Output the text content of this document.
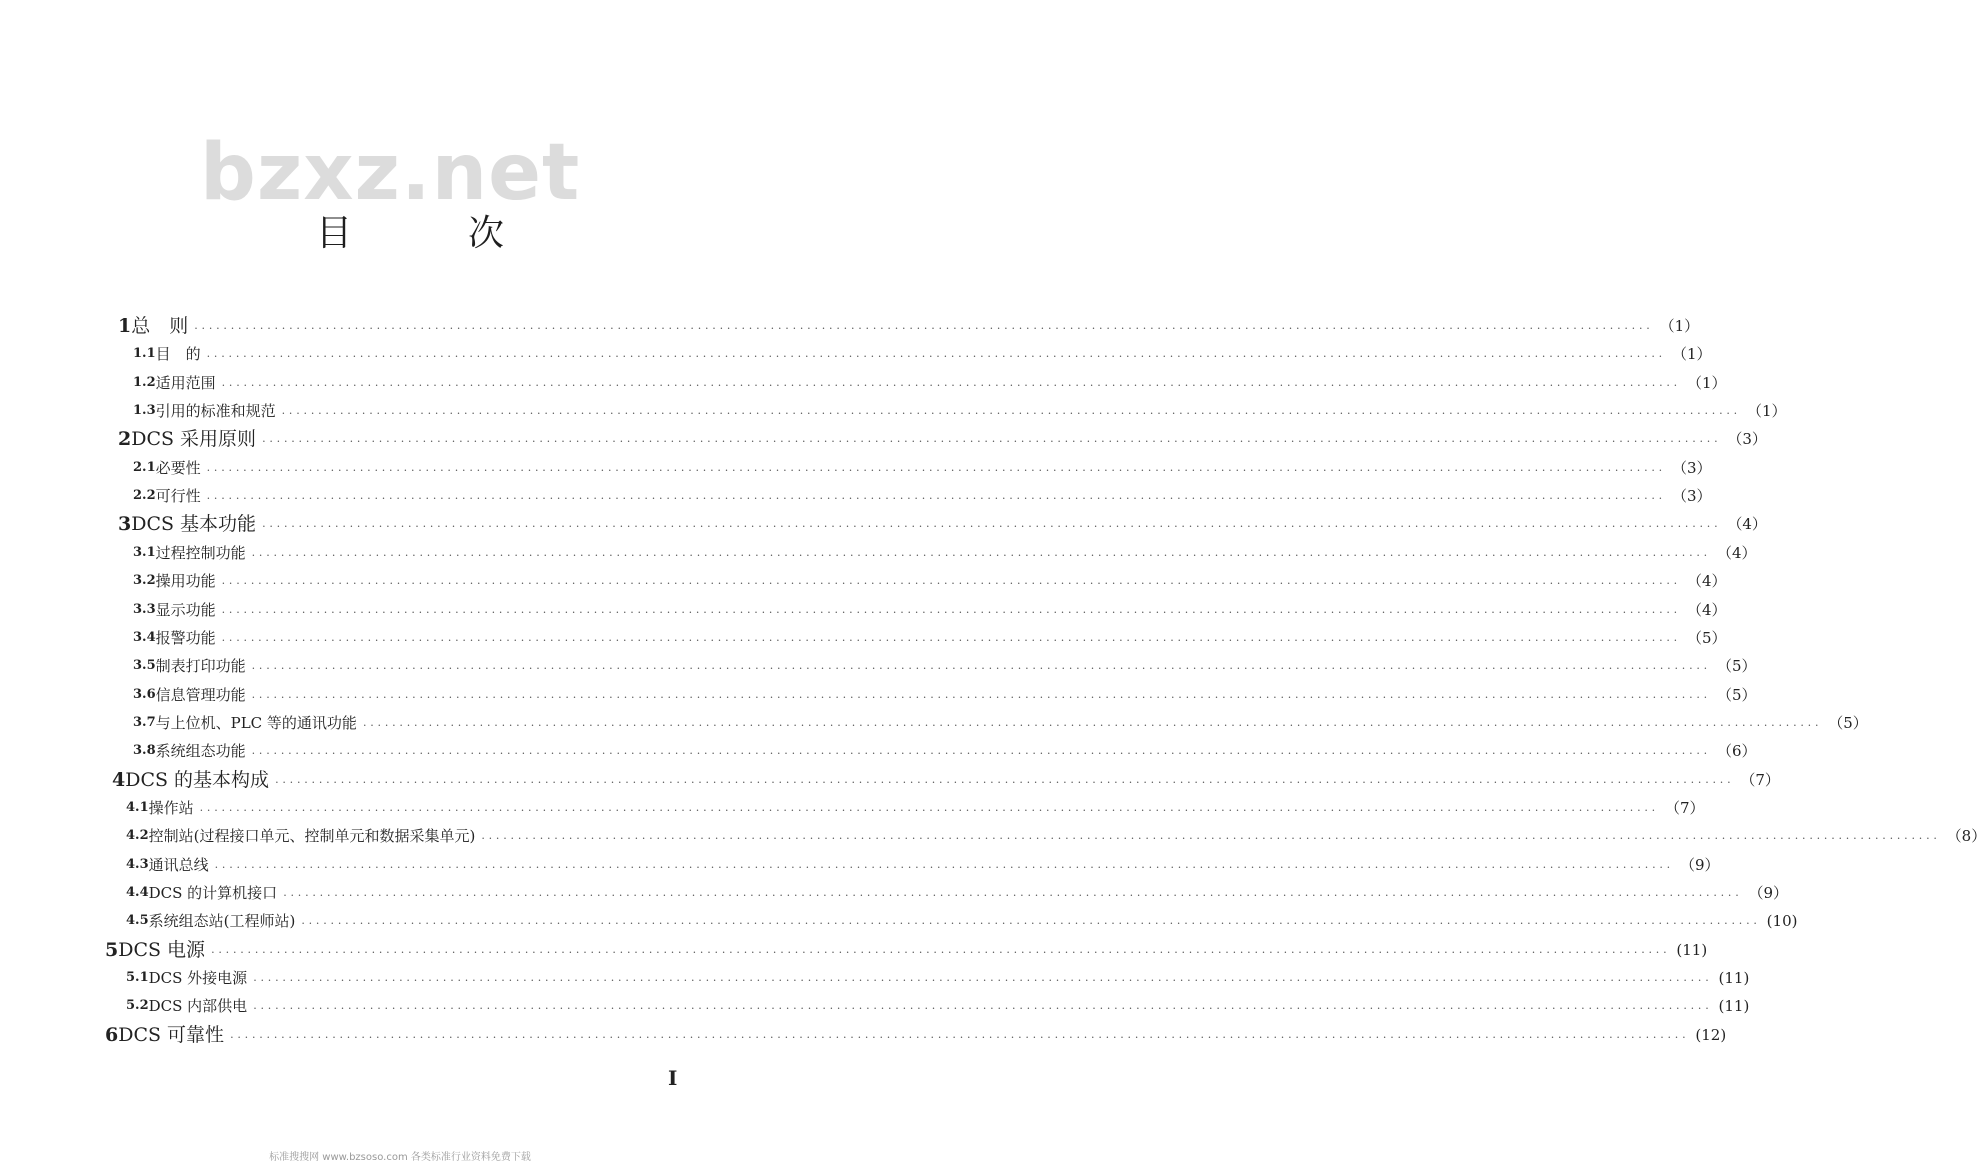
bzxz.net
目　次
1 总　则 ........................................................................................................................................................................................................ （1）
1.1 目　的 ........................................................................................................................................................................................................ （1）
1.2 适用范围 ........................................................................................................................................................................................................ （1）
1.3 引用的标准和规范 ........................................................................................................................................................................................................ （1）
2 DCS 采用原则 ........................................................................................................................................................................................................ （3）
2.1 必要性 ........................................................................................................................................................................................................ （3）
2.2 可行性 ........................................................................................................................................................................................................ （3）
3 DCS 基本功能 ........................................................................................................................................................................................................ （4）
3.1 过程控制功能 ........................................................................................................................................................................................................ （4）
3.2 操用功能 ........................................................................................................................................................................................................ （4）
3.3 显示功能 ........................................................................................................................................................................................................ （4）
3.4 报警功能 ........................................................................................................................................................................................................ （5）
3.5 制表打印功能 ........................................................................................................................................................................................................ （5）
3.6 信息管理功能 ........................................................................................................................................................................................................ （5）
3.7 与上位机、PLC 等的通讯功能 ........................................................................................................................................................................................................ （5）
3.8 系统组态功能 ........................................................................................................................................................................................................ （6）
4 DCS 的基本构成 ........................................................................................................................................................................................................ （7）
4.1 操作站 ........................................................................................................................................................................................................ （7）
4.2 控制站(过程接口单元、控制单元和数据采集单元) ........................................................................................................................................................................................................ （8）
4.3 通讯总线 ........................................................................................................................................................................................................ （9）
4.4 DCS 的计算机接口 ........................................................................................................................................................................................................ （9）
4.5 系统组态站(工程师站) ........................................................................................................................................................................................................ (10)
5 DCS 电源 ........................................................................................................................................................................................................ (11)
5.1 DCS 外接电源 ........................................................................................................................................................................................................ (11)
5.2 DCS 内部供电 ........................................................................................................................................................................................................ (11)
6 DCS 可靠性 ........................................................................................................................................................................................................ (12)
I
标准搜搜网 www.bzsoso.com 各类标准行业资料免费下载
